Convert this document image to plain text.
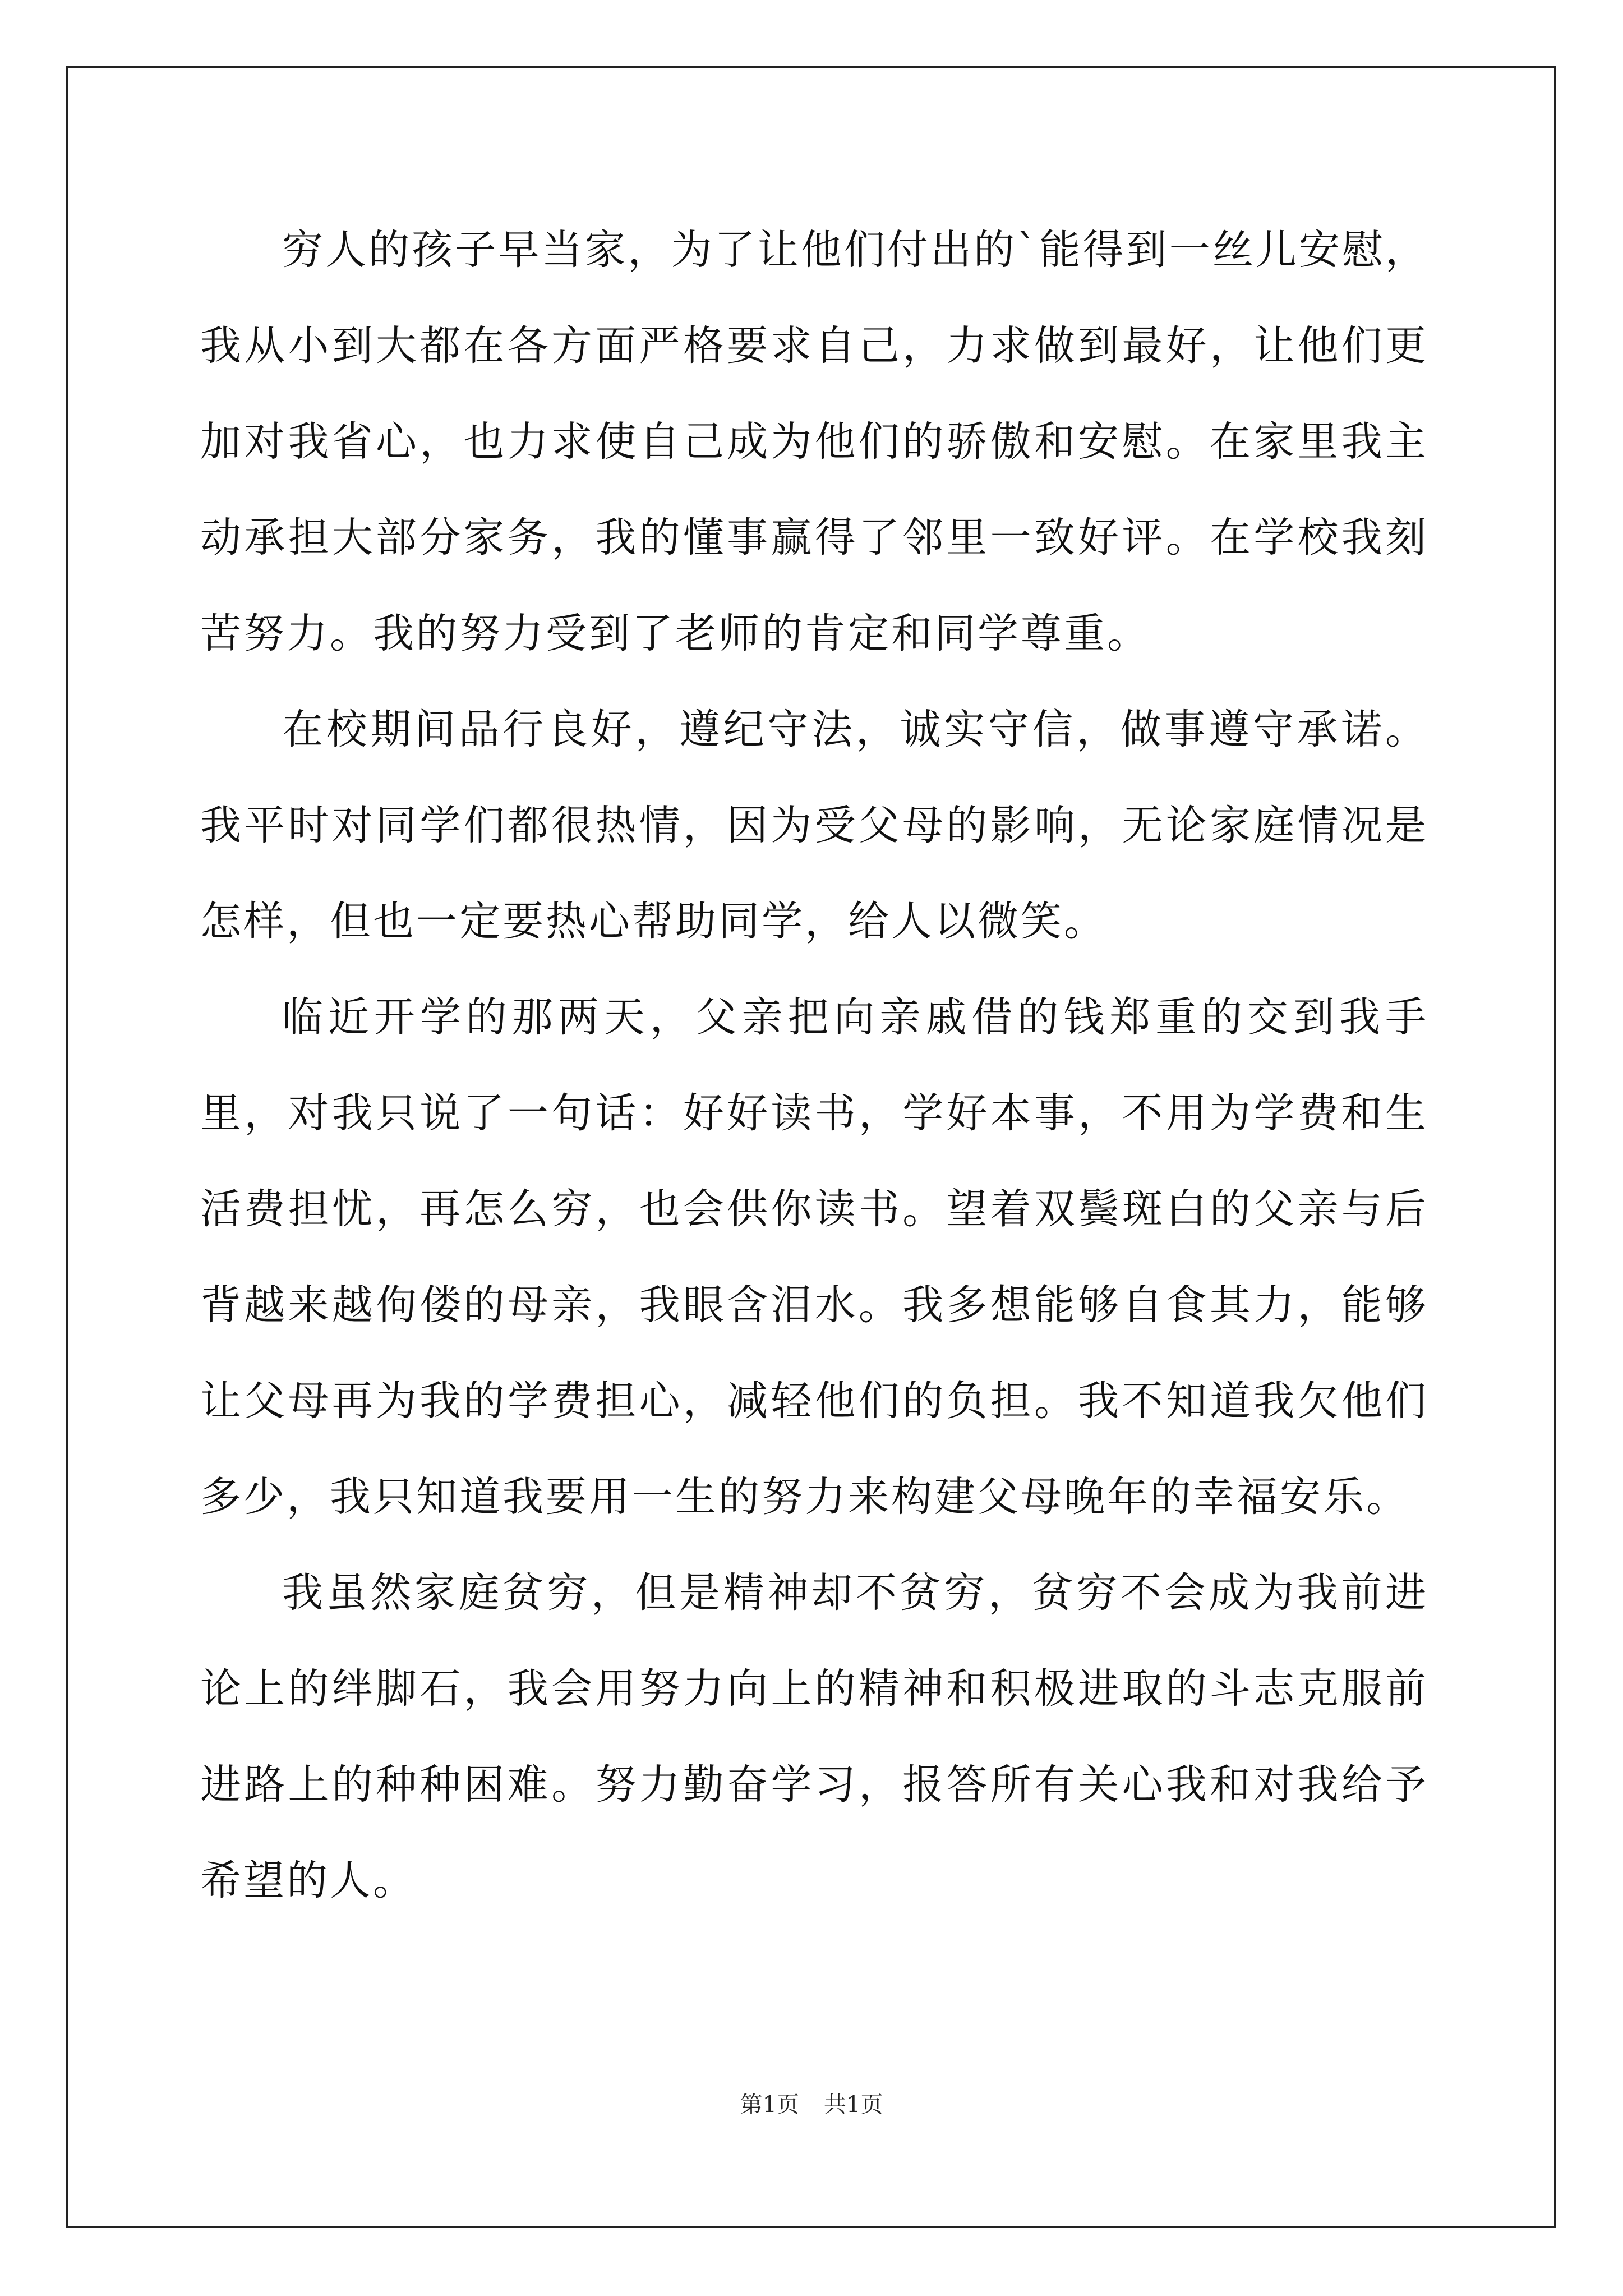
穷人的孩子早当家，为了让他们付出的`能得到一丝儿安慰，我从小到大都在各方面严格要求自己，力求做到最好，让他们更加对我省心，也力求使自己成为他们的骄傲和安慰。在家里我主动承担大部分家务，我的懂事赢得了邻里一致好评。在学校我刻苦努力。我的努力受到了老师的肯定和同学尊重。

在校期间品行良好，遵纪守法，诚实守信，做事遵守承诺。我平时对同学们都很热情，因为受父母的影响，无论家庭情况是怎样，但也一定要热心帮助同学，给人以微笑。

临近开学的那两天，父亲把向亲戚借的钱郑重的交到我手里，对我只说了一句话：好好读书，学好本事，不用为学费和生活费担忧，再怎么穷，也会供你读书。望着双鬓斑白的父亲与后背越来越佝偻的母亲，我眼含泪水。我多想能够自食其力，能够让父母再为我的学费担心，减轻他们的负担。我不知道我欠他们多少，我只知道我要用一生的努力来构建父母晚年的幸福安乐。

我虽然家庭贫穷，但是精神却不贫穷，贫穷不会成为我前进论上的绊脚石，我会用努力向上的精神和积极进取的斗志克服前进路上的种种困难。努力勤奋学习，报答所有关心我和对我给予希望的人。

第1页 共1页
